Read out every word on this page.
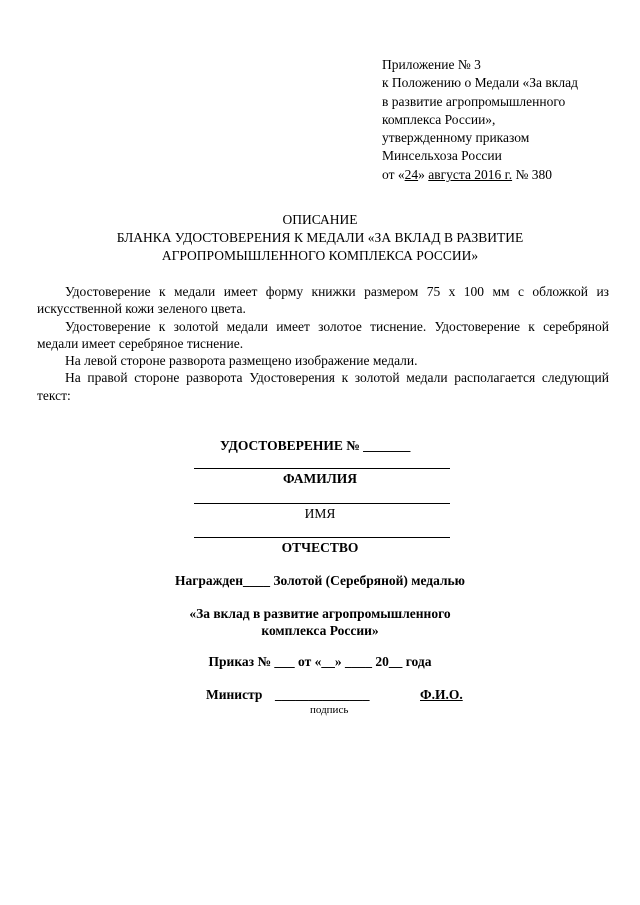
Приложение № 3
к Положению о Медали «За вклад
в развитие агропромышленного
комплекса России»,
утвержденному приказом
Минсельхоза России
от «24» августа 2016 г. № 380
ОПИСАНИЕ
БЛАНКА УДОСТОВЕРЕНИЯ К МЕДАЛИ «ЗА ВКЛАД В РАЗВИТИЕ
АГРОПРОМЫШЛЕННОГО КОМПЛЕКСА РОССИИ»

Удостоверение к медали имеет форму книжки размером 75 x 100 мм с обложкой из искусственной кожи зеленого цвета.

Удостоверение к золотой медали имеет золотое тиснение. Удостоверение к серебряной медали имеет серебряное тиснение.

На левой стороне разворота размещено изображение медали.

На правой стороне разворота Удостоверения к золотой медали располагается следующий текст:

УДОСТОВЕРЕНИЕ № _______
ФАМИЛИЯ
ИМЯ
ОТЧЕСТВО
Награжден____ Золотой (Серебряной) медалью
«За вклад в развитие агропромышленного
комплекса России»
Приказ № ___ от «__» ____ 20__ года
Министр ______________	Ф.И.О.
подпись
